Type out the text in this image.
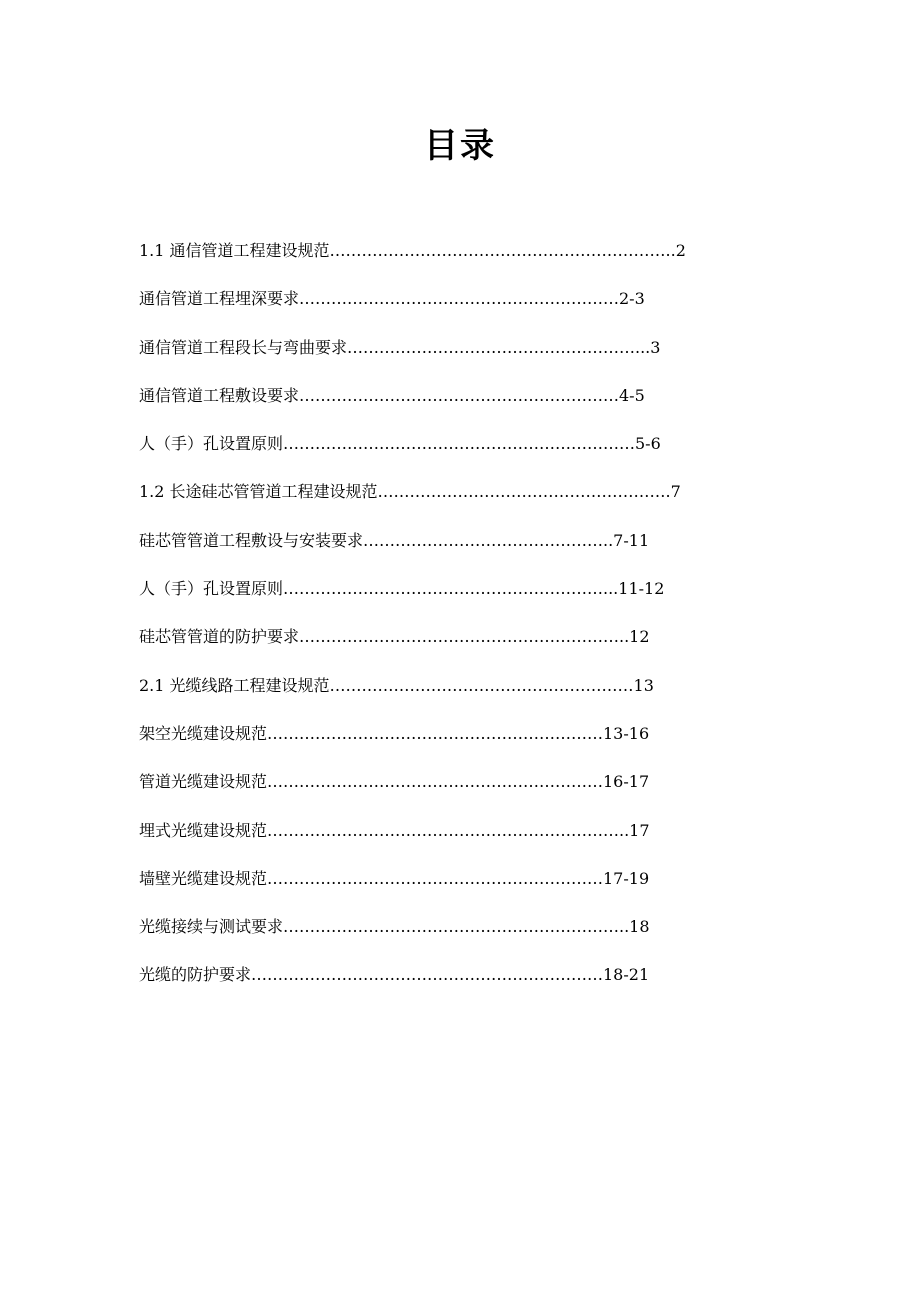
目录
1.1 通信管道工程建设规范………………………………………………………..2
通信管道工程埋深要求……………………………………………………2-3
通信管道工程段长与弯曲要求………………………………………………...3
通信管道工程敷设要求……………………………………………………4-5
人（手）孔设置原则…………………………………………………………5-6
1.2 长途硅芯管管道工程建设规范……………………………………………….7
硅芯管管道工程敷设与安装要求………………………………………..7-11
人（手）孔设置原则……………………………………………………...11-12
硅芯管管道的防护要求……………………………………………………..12
2.1 光缆线路工程建设规范…………………………………………………13
架空光缆建设规范………………………………………………………13-16
管道光缆建设规范………………………………………………………16-17
埋式光缆建设规范…………………………………………………………..17
墙壁光缆建设规范………………………………………………………17-19
光缆接续与测试要求………………………………………………………..18
光缆的防护要求…………………………………………………………18-21
